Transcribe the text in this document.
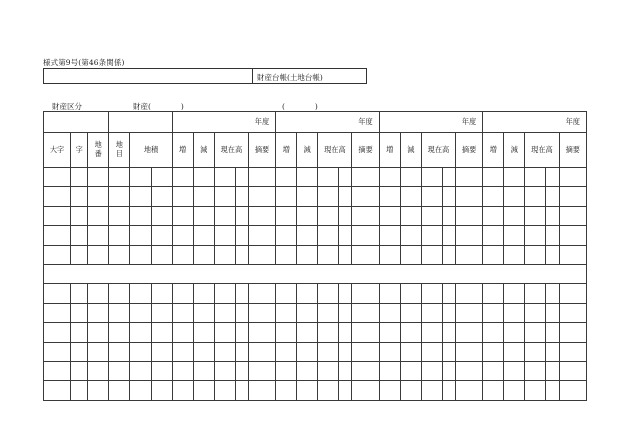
様式第9号(第46条関係)
財産台帳(土地台帳)
財産区分	財産(　　　　)	(　　　　)
						年度					年度					年度					年度				
大字	字	地番	地目	地積		増	減	現在高		摘要	増	減	現在高		摘要	増	減	現在高		摘要	増	減	現在高		摘要
